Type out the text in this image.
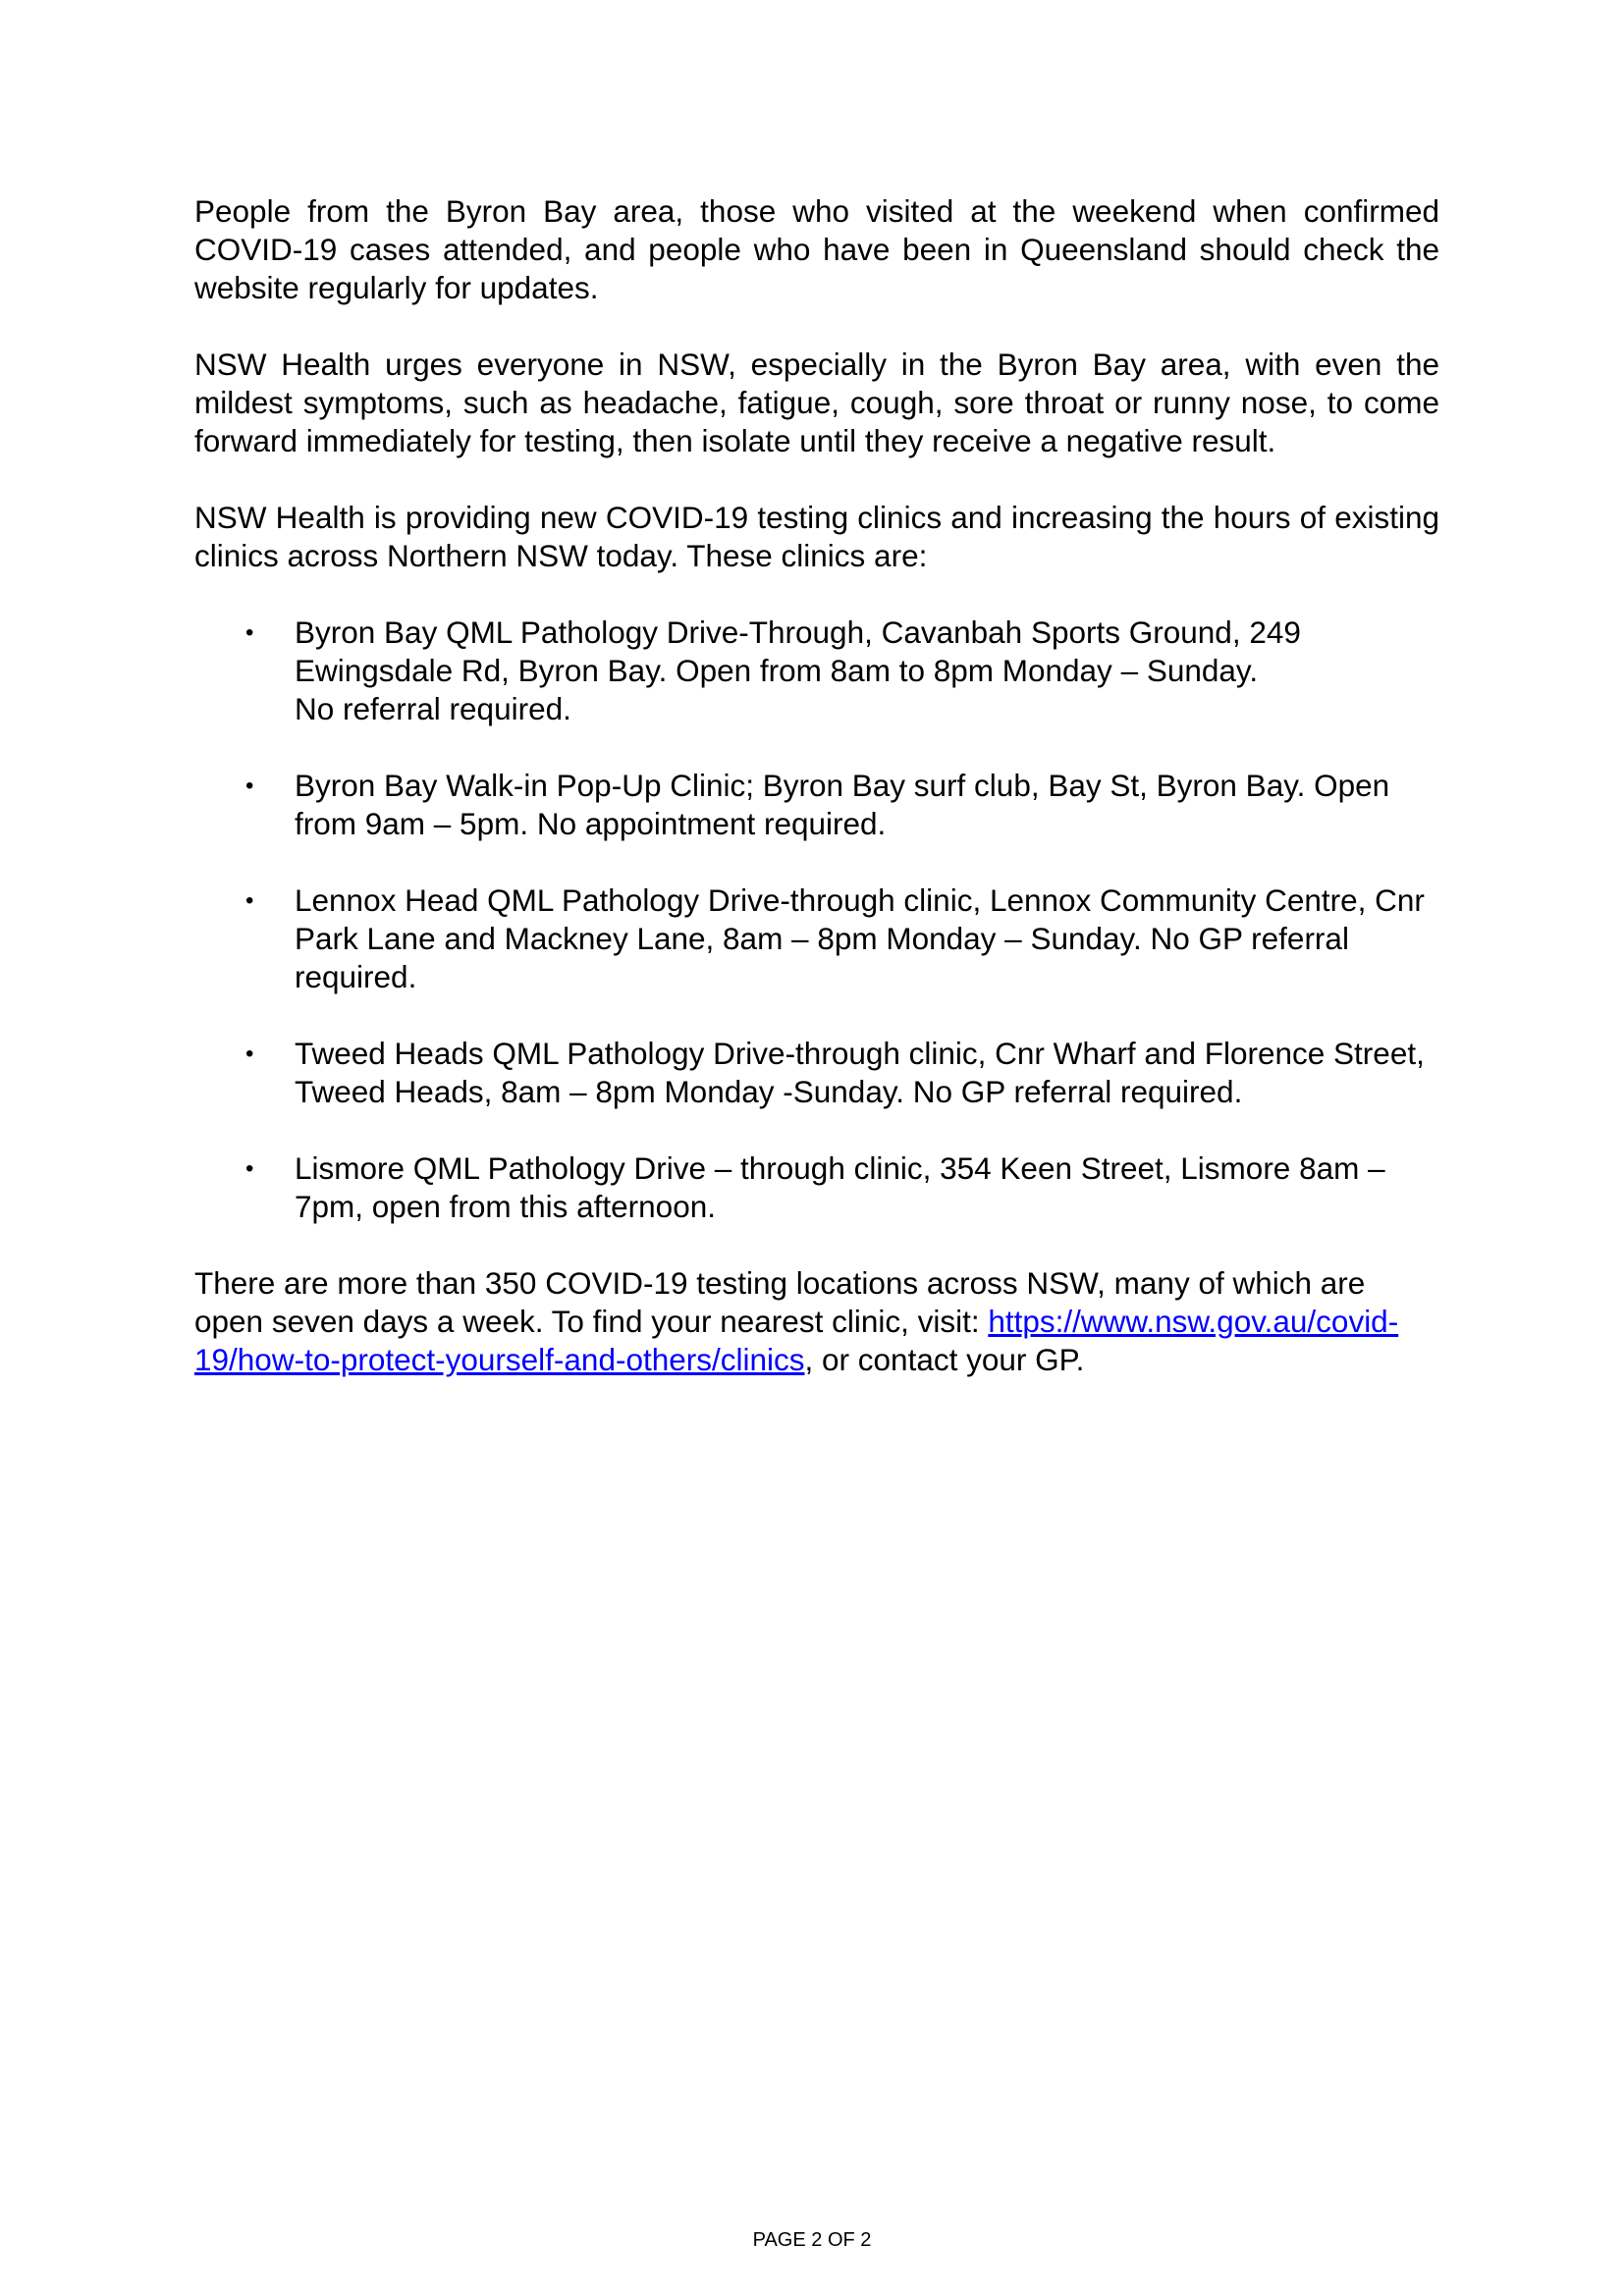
People from the Byron Bay area, those who visited at the weekend when confirmed COVID-19 cases attended, and people who have been in Queensland should check the website regularly for updates.

NSW Health urges everyone in NSW, especially in the Byron Bay area, with even the mildest symptoms, such as headache, fatigue, cough, sore throat or runny nose, to come forward immediately for testing, then isolate until they receive a negative result.

NSW Health is providing new COVID-19 testing clinics and increasing the hours of existing clinics across Northern NSW today. These clinics are:

• Byron Bay QML Pathology Drive-Through, Cavanbah Sports Ground, 249 Ewingsdale Rd, Byron Bay. Open from 8am to 8pm Monday – Sunday.
No referral required.
• Byron Bay Walk-in Pop-Up Clinic; Byron Bay surf club, Bay St, Byron Bay. Open from 9am – 5pm. No appointment required.
• Lennox Head QML Pathology Drive-through clinic, Lennox Community Centre, Cnr Park Lane and Mackney Lane, 8am – 8pm Monday – Sunday. No GP referral required.
• Tweed Heads QML Pathology Drive-through clinic, Cnr Wharf and Florence Street, Tweed Heads, 8am – 8pm Monday -Sunday. No GP referral required.
• Lismore QML Pathology Drive – through clinic, 354 Keen Street, Lismore 8am – 7pm, open from this afternoon.

There are more than 350 COVID-19 testing locations across NSW, many of which are open seven days a week. To find your nearest clinic, visit: https://www.nsw.gov.au/covid-19/how-to-protect-yourself-and-others/clinics, or contact your GP.

PAGE 2 OF 2
